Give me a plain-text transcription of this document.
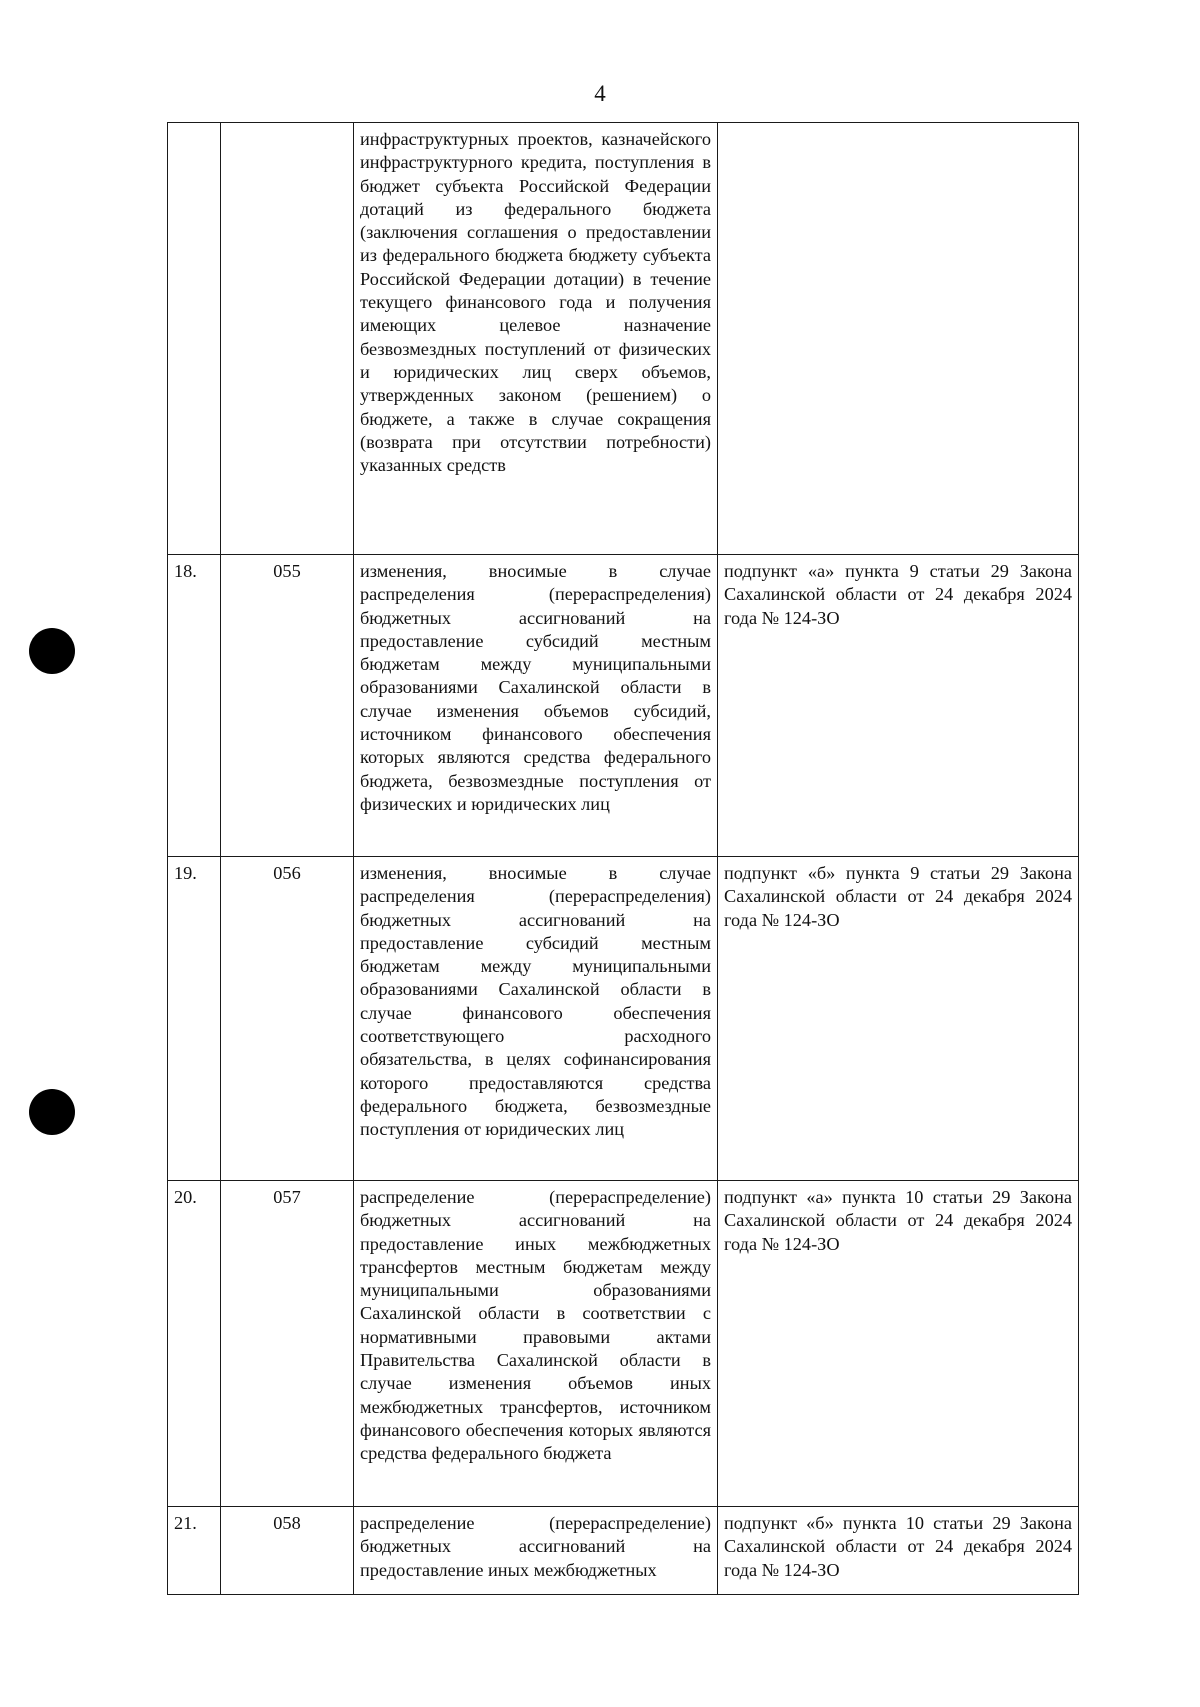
4
		инфраструктурных проектов, казначейского инфраструктурного кредита, поступления в бюджет субъекта Российской Федерации дотаций из федерального бюджета (заключения соглашения о предоставлении из федерального бюджета бюджету субъекта Российской Федерации дотации) в течение текущего финансового года и получения имеющих целевое назначение безвозмездных поступлений от физических и юридических лиц сверх объемов, утвержденных законом (решением) о бюджете, а также в случае сокращения (возврата при отсутствии потребности) указанных средств	
18.	055	изменения, вносимые в случае распределения (перераспределения) бюджетных ассигнований на предоставление субсидий местным бюджетам между муниципальными образованиями Сахалинской области в случае изменения объемов субсидий, источником финансового обеспечения которых являются средства федерального бюджета, безвозмездные поступления от физических и юридических лиц	подпункт «а» пункта 9 статьи 29 Закона Сахалинской области от 24 декабря 2024 года № 124-ЗО
19.	056	изменения, вносимые в случае распределения (перераспределения) бюджетных ассигнований на предоставление субсидий местным бюджетам между муниципальными образованиями Сахалинской области в случае финансового обеспечения соответствующего расходного обязательства, в целях софинансирования которого предоставляются средства федерального бюджета, безвозмездные поступления от юридических лиц	подпункт «б» пункта 9 статьи 29 Закона Сахалинской области от 24 декабря 2024 года № 124-ЗО
20.	057	распределение (перераспределение) бюджетных ассигнований на предоставление иных межбюджетных трансфертов местным бюджетам между муниципальными образованиями Сахалинской области в соответствии с нормативными правовыми актами Правительства Сахалинской области в случае изменения объемов иных межбюджетных трансфертов, источником финансового обеспечения которых являются средства федерального бюджета	подпункт «а» пункта 10 статьи 29 Закона Сахалинской области от 24 декабря 2024 года № 124-ЗО
21.	058	распределение (перераспределение) бюджетных ассигнований на предоставление иных межбюджетных	подпункт «б» пункта 10 статьи 29 Закона Сахалинской области от 24 декабря 2024 года № 124-ЗО
